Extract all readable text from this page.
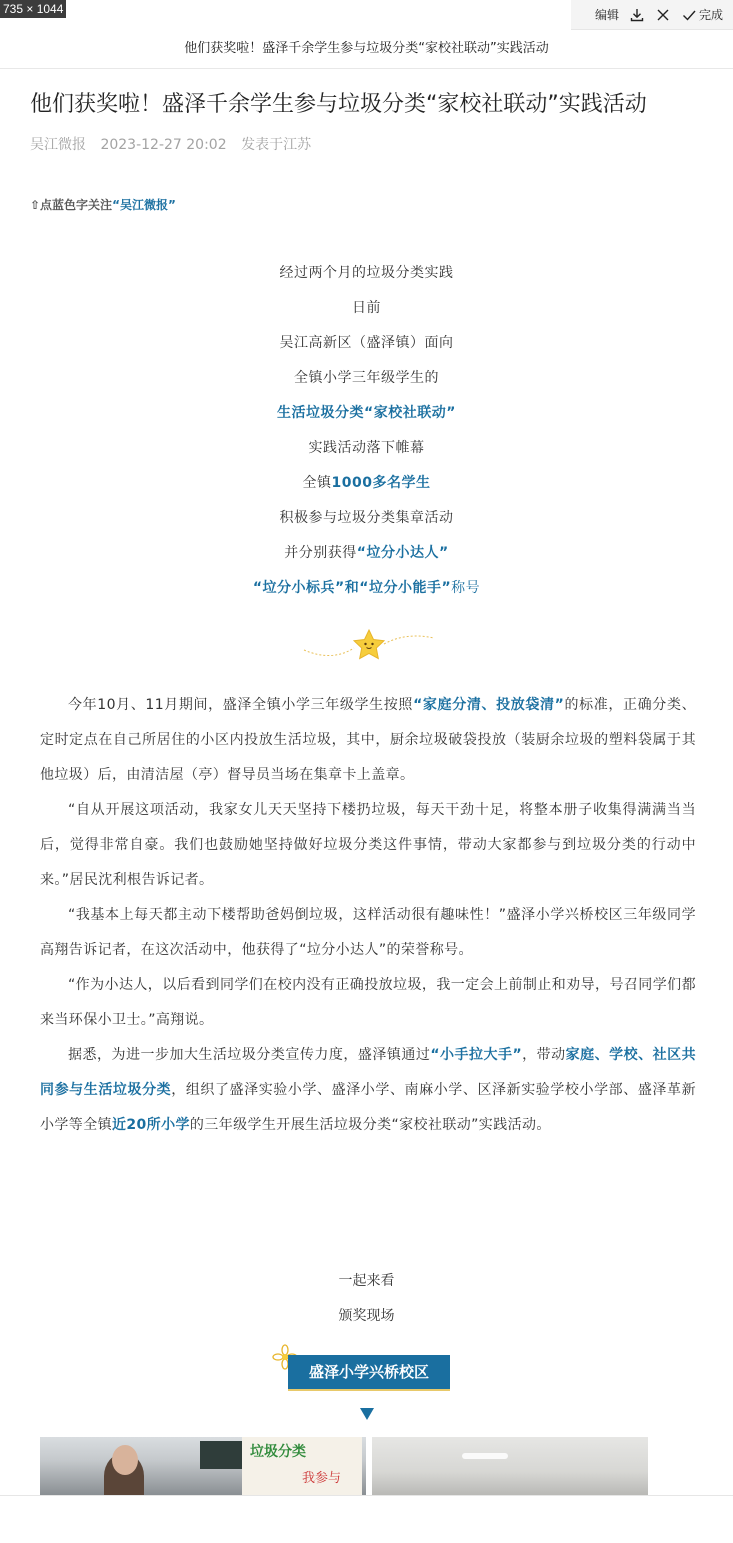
735 × 1044	编辑	完成
他们获奖啦！盛泽千余学生参与垃圾分类“家校社联动”实践活动
他们获奖啦！盛泽千余学生参与垃圾分类“家校社联动”实践活动
吴江微报 2023-12-27 20:02 发表于江苏
⇧点蓝色字关注“吴江微报”
经过两个月的垃圾分类实践
日前
吴江高新区（盛泽镇）面向
全镇小学三年级学生的
生活垃圾分类“家校社联动”
实践活动落下帷幕
全镇1000多名学生
积极参与垃圾分类集章活动
并分别获得“垃分小达人”
“垃分小标兵”和“垃分小能手”称号

今年10月、11月期间，盛泽全镇小学三年级学生按照“家庭分清、投放袋清”的标准，正确分类、定时定点在自己所居住的小区内投放生活垃圾，其中，厨余垃圾破袋投放（装厨余垃圾的塑料袋属于其他垃圾）后，由清洁屋（亭）督导员当场在集章卡上盖章。

“自从开展这项活动，我家女儿天天坚持下楼扔垃圾，每天干劲十足，将整本册子收集得满满当当后，觉得非常自豪。我们也鼓励她坚持做好垃圾分类这件事情，带动大家都参与到垃圾分类的行动中来。”居民沈利根告诉记者。

“我基本上每天都主动下楼帮助爸妈倒垃圾，这样活动很有趣味性！”盛泽小学兴桥校区三年级同学高翔告诉记者，在这次活动中，他获得了“垃分小达人”的荣誉称号。

“作为小达人，以后看到同学们在校内没有正确投放垃圾，我一定会上前制止和劝导，号召同学们都来当环保小卫士。”高翔说。

据悉，为进一步加大生活垃圾分类宣传力度，盛泽镇通过“小手拉大手”，带动家庭、学校、社区共同参与生活垃圾分类，组织了盛泽实验小学、盛泽小学、南麻小学、区泽新实验学校小学部、盛泽革新小学等全镇近20所小学的三年级学生开展生活垃圾分类“家校社联动”实践活动。

一起来看
颁奖现场
盛泽小学兴桥校区
垃圾分类
我参与
